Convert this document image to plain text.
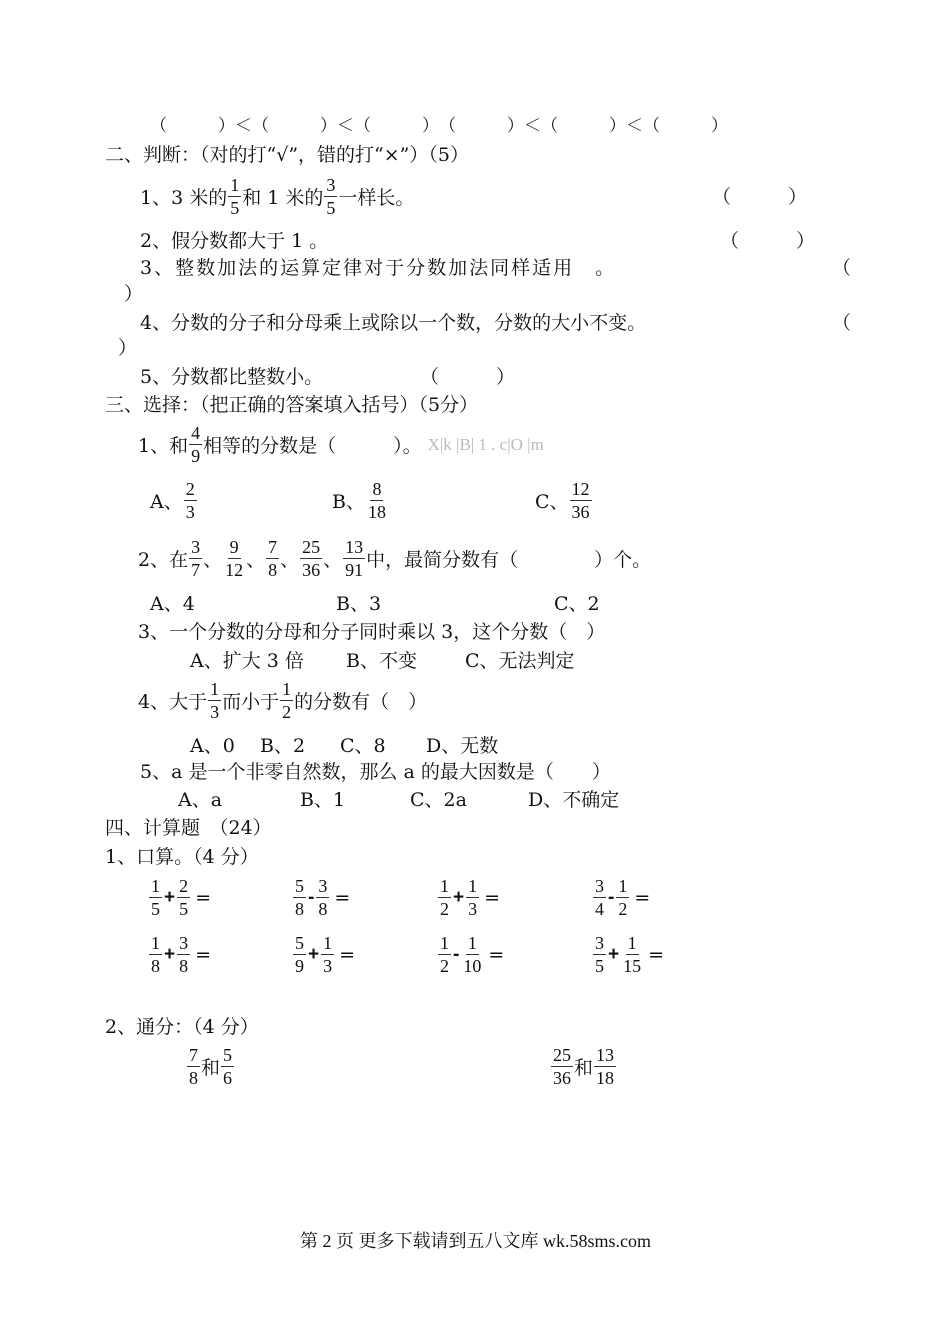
（　　　）＜（　　　）＜（　　　）　（　　　）＜（　　　）＜（　　　）
二、判断：（对的打“√”，错的打“×”）（5）
1、3 米的 $\frac{1}{5}$ 和 1 米的 $\frac{3}{5}$ 一样长。	（　　　）
2、假分数都大于 1 。	（　　　）
3、整数加法的运算定律对于分数加法同样适用　。	（
）
4、分数的分子和分母乘上或除以一个数，分数的大小不变。	（
）
5、分数都比整数小。	（　　　）
三、选择：（把正确的答案填入括号）（5分）
1、和 $\frac{4}{9}$ 相等的分数是（　　　）。 X|k |B| 1 . c|O |m
A、 $\frac{2}{3}$	B、 $\frac{8}{18}$	C、 $\frac{12}{36}$
2、在 $\frac{3}{7}$ 、 $\frac{9}{12}$ 、 $\frac{7}{8}$ 、 $\frac{25}{36}$ 、 $\frac{13}{91}$ 中，最简分数有（　　　　）个。
A、4	B、3	C、2
3、一个分数的分母和分子同时乘以 3，这个分数（　）
A、扩大 3 倍 B、不变	C、无法判定
4、大于 $\frac{1}{3}$ 而小于 $\frac{1}{2}$ 的分数有（　）
A、0 B、2 C、8 D、无数
5、a 是一个非零自然数，那么 a 的最大因数是（　　）
A、a	B、1	C、2a	D、不确定
四、计算题　（24）
1、口算。（4 分）
$\frac{1}{5} + \frac{2}{5}$ =	$\frac{5}{8} - \frac{3}{8}$ =	$\frac{1}{2} + \frac{1}{3}$ =	$\frac{3}{4} - \frac{1}{2}$ =
$\frac{1}{8} + \frac{3}{8}$ =	$\frac{5}{9} + \frac{1}{3}$ =	$\frac{1}{2} - \frac{1}{10}$ =	$\frac{3}{5} + \frac{1}{15}$ =
2、通分：（4 分）
$\frac{7}{8}$ 和 $\frac{5}{6}$	$\frac{25}{36}$ 和 $\frac{13}{18}$
第 2 页 更多下载请到五八文库 wk.58sms.com
